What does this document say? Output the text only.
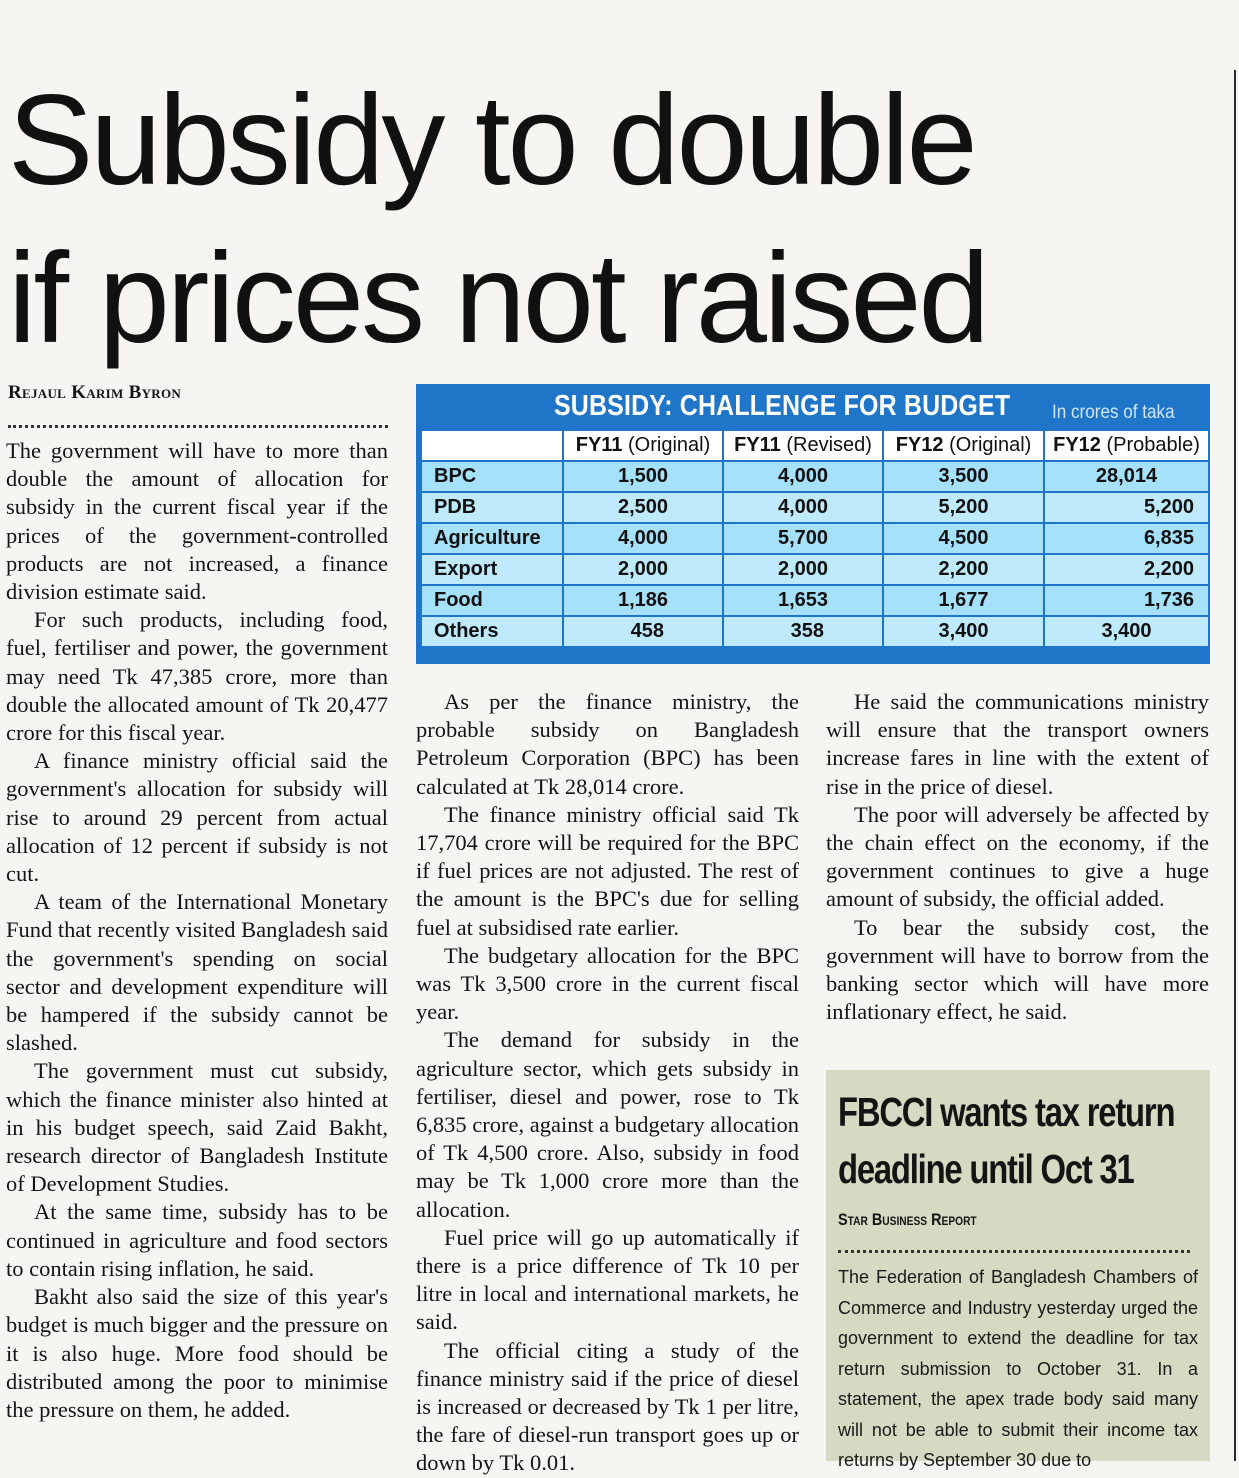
Subsidy to double
if prices not raised
Rejaul Karim Byron	SUBSIDY: CHALLENGE FOR BUDGET In crores of taka
	FY11 (Original)	FY11 (Revised)	FY12 (Original)	FY12 (Probable)
BPC	1,500	4,000	3,500	28,014
PDB	2,500	4,000	5,200	5,200
Agriculture	4,000	5,700	4,500	6,835
Export	2,000	2,000	2,200	2,200
Food	1,186	1,653	1,677	1,736
Others	458	358	3,400	3,400

The government will have to more than double the amount of allocation for subsidy in the current fiscal year if the prices of the government-controlled products are not increased, a finance division estimate said.

For such products, including food, fuel, fertiliser and power, the government may need Tk 47,385 crore, more than double the allocated amount of Tk 20,477 crore for this fiscal year.

A finance ministry official said the government's allocation for subsidy will rise to around 29 percent from actual allocation of 12 percent if subsidy is not cut.

A team of the International Monetary Fund that recently visited Bangladesh said the government's spending on social sector and development expenditure will be hampered if the subsidy cannot be slashed.

The government must cut subsidy, which the finance minister also hinted at in his budget speech, said Zaid Bakht, research director of Bangladesh Institute of Development Studies.

At the same time, subsidy has to be continued in agriculture and food sectors to contain rising inflation, he said.

Bakht also said the size of this year's budget is much bigger and the pressure on it is also huge. More food should be distributed among the poor to minimise the pressure on them, he added.

As per the finance ministry, the probable subsidy on Bangladesh Petroleum Corporation (BPC) has been calculated at Tk 28,014 crore.

The finance ministry official said Tk 17,704 crore will be required for the BPC if fuel prices are not adjusted. The rest of the amount is the BPC's due for selling fuel at subsidised rate earlier.

The budgetary allocation for the BPC was Tk 3,500 crore in the current fiscal year.

The demand for subsidy in the agriculture sector, which gets subsidy in fertiliser, diesel and power, rose to Tk 6,835 crore, against a budgetary allocation of Tk 4,500 crore. Also, subsidy in food may be Tk 1,000 crore more than the allocation.

Fuel price will go up automatically if there is a price difference of Tk 10 per litre in local and international markets, he said.

The official citing a study of the finance ministry said if the price of diesel is increased or decreased by Tk 1 per litre, the fare of diesel-run transport goes up or down by Tk 0.01.

He said the communications ministry will ensure that the transport owners increase fares in line with the extent of rise in the price of diesel.

The poor will adversely be affected by the chain effect on the economy, if the government continues to give a huge amount of subsidy, the official added.

To bear the subsidy cost, the government will have to borrow from the banking sector which will have more inflationary effect, he said.

FBCCI wants tax return
deadline until Oct 31
Star Business Report
The Federation of Bangladesh Chambers of Commerce and Industry yesterday urged the government to extend the deadline for tax return submission to October 31. In a statement, the apex trade body said many will not be able to submit their income tax returns by September 30 due to
